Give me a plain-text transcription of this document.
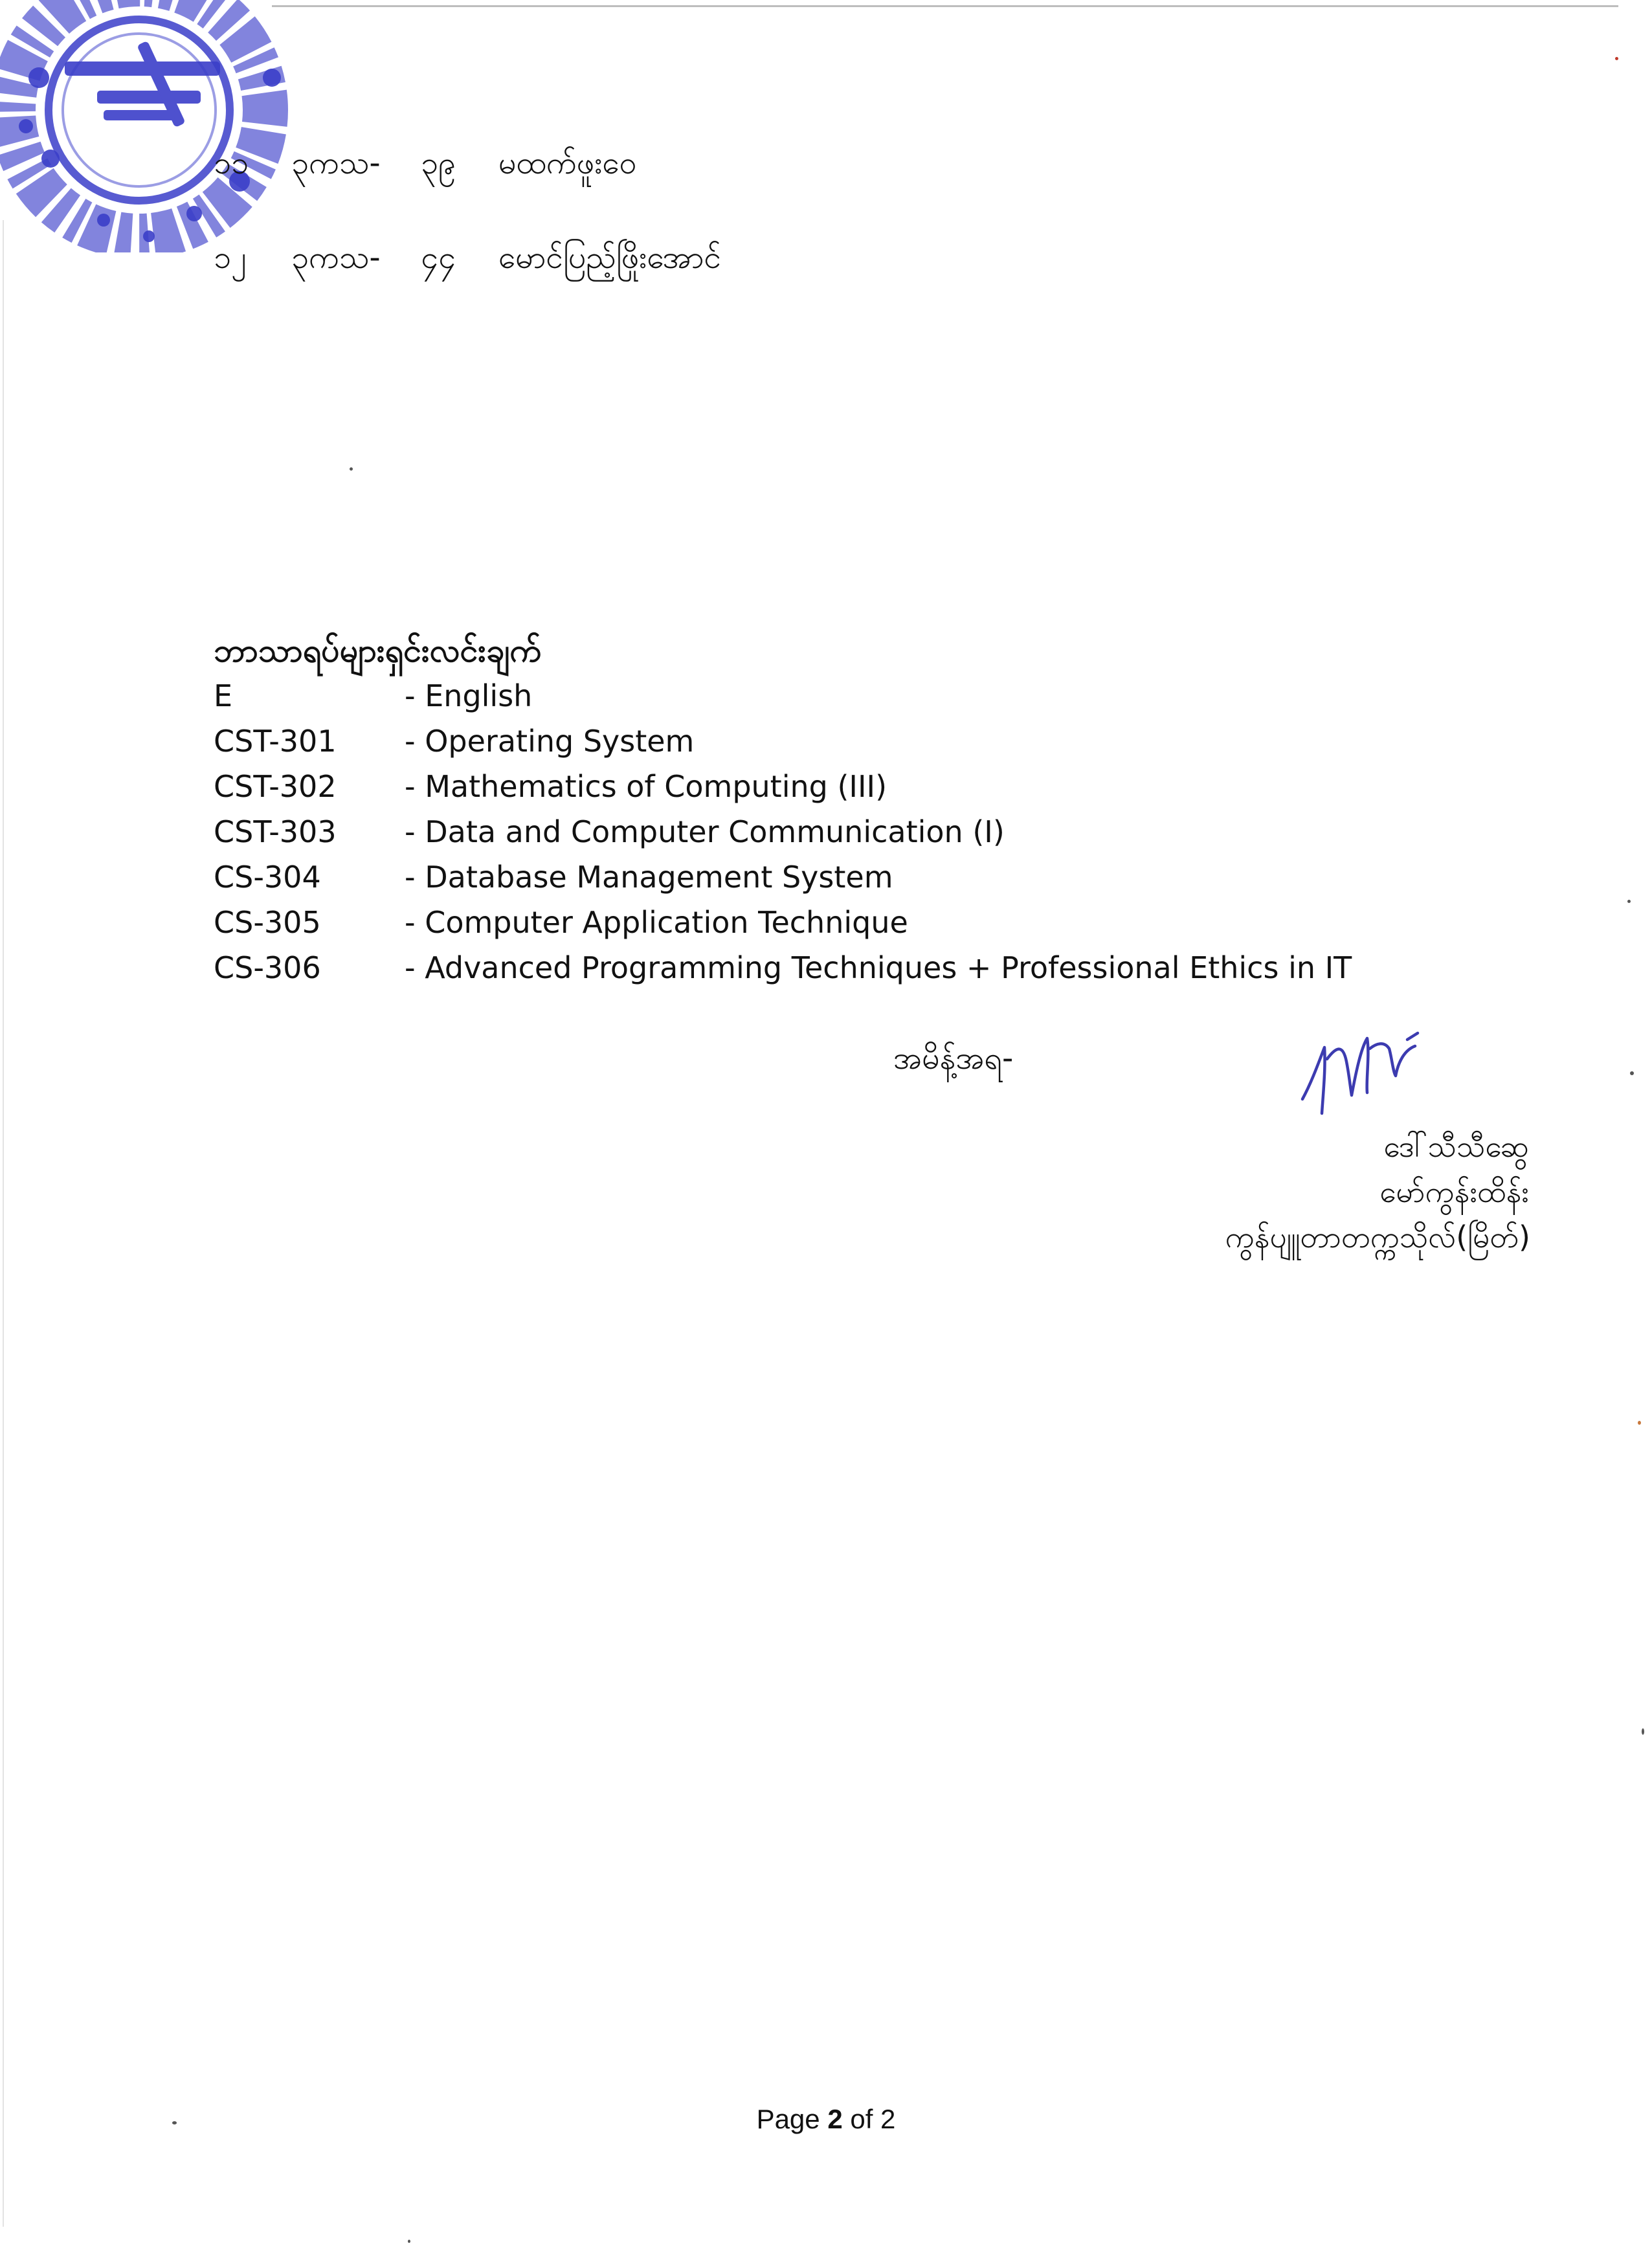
၁၁ ၃ကသ- ၃၉ မထက်ဖူးဝေ
၁၂ ၃ကသ- ၄၄ မောင်ပြည့်ဖြိုးအောင်
ဘာသာရပ်များရှင်းလင်းချက်
E	- English
CST-301 - Operating System
CST-302 - Mathematics of Computing (III)
CST-303 - Data and Computer Communication (I)
CS-304	- Database Management System
CS-305	- Computer Application Technique
CS-306	- Advanced Programming Techniques + Professional Ethics in IT
အမိန့်အရ-
ဒေါ်သီသီဆွေ
မော်ကွန်းထိန်း
ကွန်ပျူတာတက္ကသိုလ်(မြိတ်)
Page 2 of 2
